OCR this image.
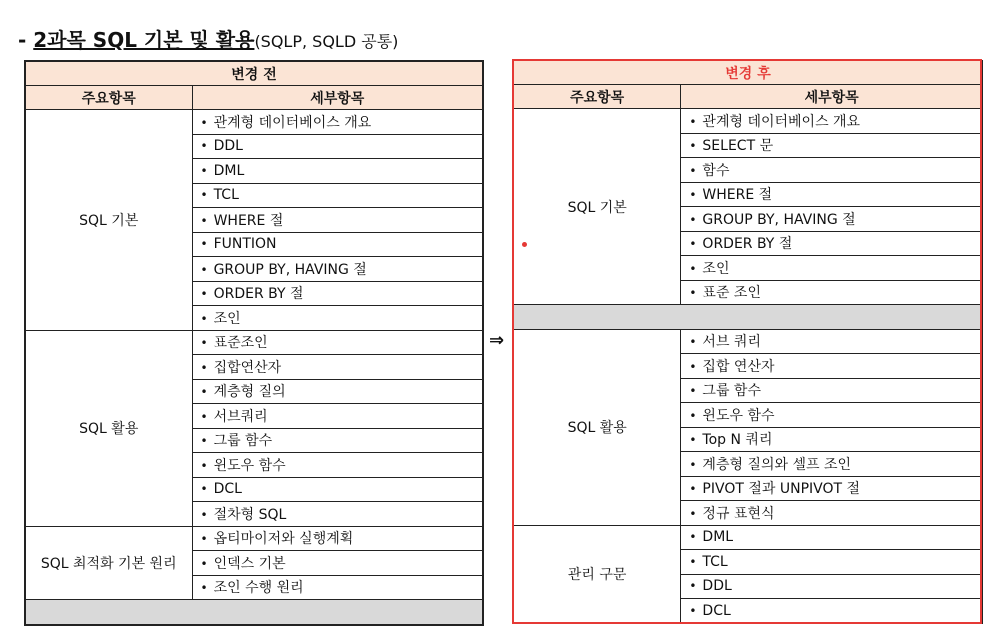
- 2과목 SQL 기본 및 활용(SQLP, SQLD 공통)
변경 전	
주요항목	세부항목
SQL 기본	• 관계형 데이터베이스 개요
	• DDL
	• DML
	• TCL
	• WHERE 절
	• FUNTION
	• GROUP BY, HAVING 절
	• ORDER BY 절
	• 조인
SQL 활용	• 표준조인
	• 집합연산자
	• 계층형 질의
	• 서브쿼리
	• 그룹 함수
	• 윈도우 함수
	• DCL
	• 절차형 SQL
SQL 최적화 기본 원리	• 옵티마이저와 실행계획
	• 인덱스 기본
	• 조인 수행 원리

⇒
변경 후	
주요항목	세부항목
SQL 기본	• 관계형 데이터베이스 개요
	• SELECT 문
	• 함수
	• WHERE 절
	• GROUP BY, HAVING 절
	• ORDER BY 절
	• 조인
	• 표준 조인

SQL 활용	• 서브 쿼리
	• 집합 연산자
	• 그룹 함수
	• 윈도우 함수
	• Top N 쿼리
	• 계층형 질의와 셀프 조인
	• PIVOT 절과 UNPIVOT 절
	• 정규 표현식
관리 구문	• DML
	• TCL
	• DDL
	• DCL
